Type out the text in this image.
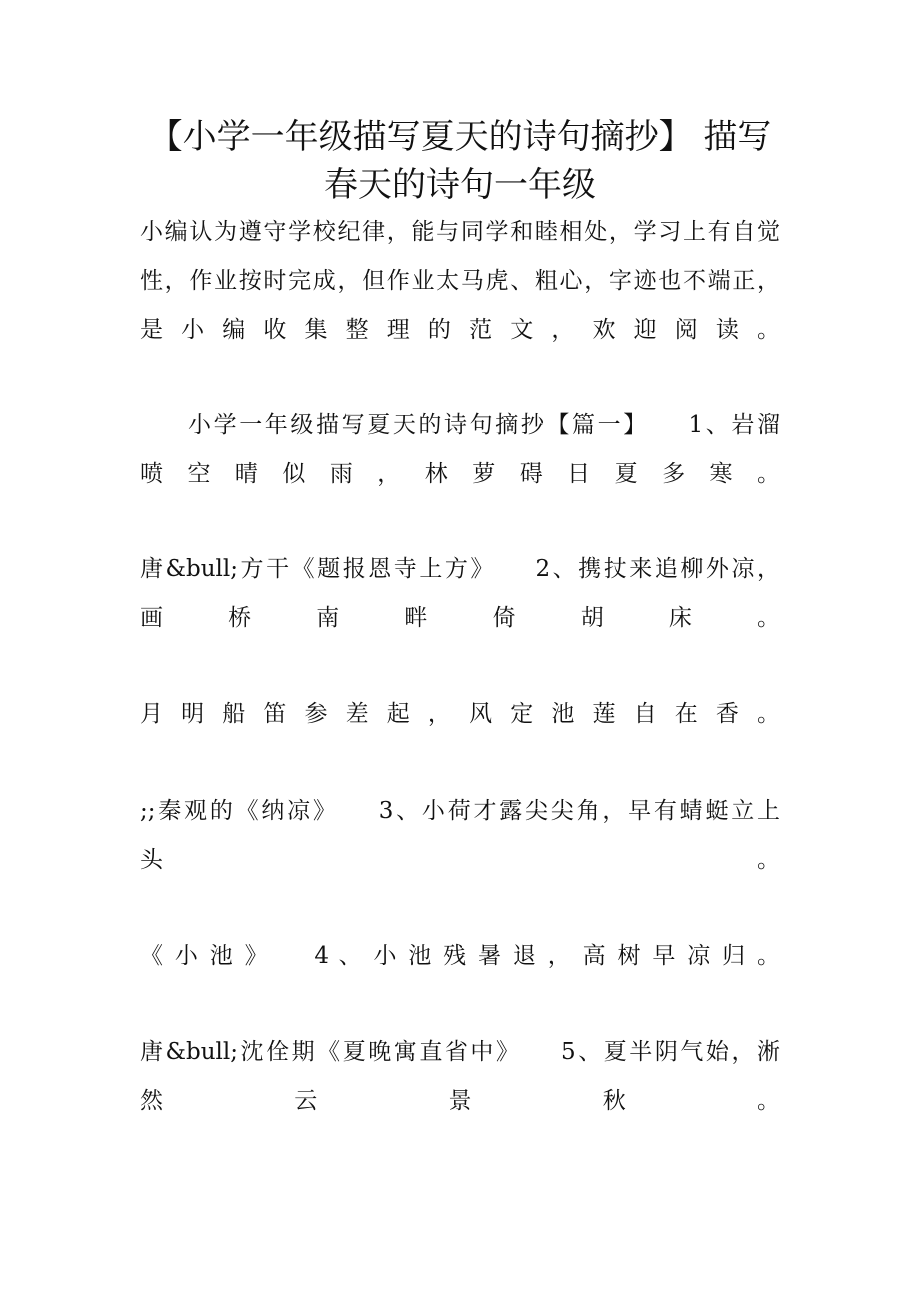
【小学一年级描写夏天的诗句摘抄】 描写
春天的诗句一年级
小编认为遵守学校纪律，能与同学和睦相处，学习上有自觉
性，作业按时完成，但作业太马虎、粗心，字迹也不端正，
是 小 编 收 集 整 理 的 范 文 ， 欢 迎 阅 读 。
小学一年级描写夏天的诗句摘抄【篇一】　　1、岩溜
喷 空 晴 似 雨 ， 林 萝 碍 日 夏 多 寒 。
唐&bull;方干《题报恩寺上方》　　2、携扙来追柳外凉，
画 桥 南 畔 倚 胡 床 。
月 明 船 笛 参 差 起 ， 风 定 池 莲 自 在 香 。
;;秦观的《纳凉》　　3、小荷才露尖尖角，早有蜻蜓立上
头 。
《 小 池 》 　 4 、 小 池 残 暑 退 ， 高 树 早 凉 归 。
唐&bull;沈佺期《夏晚寓直省中》　　5、夏半阴气始，淅
然 云 景 秋 。
